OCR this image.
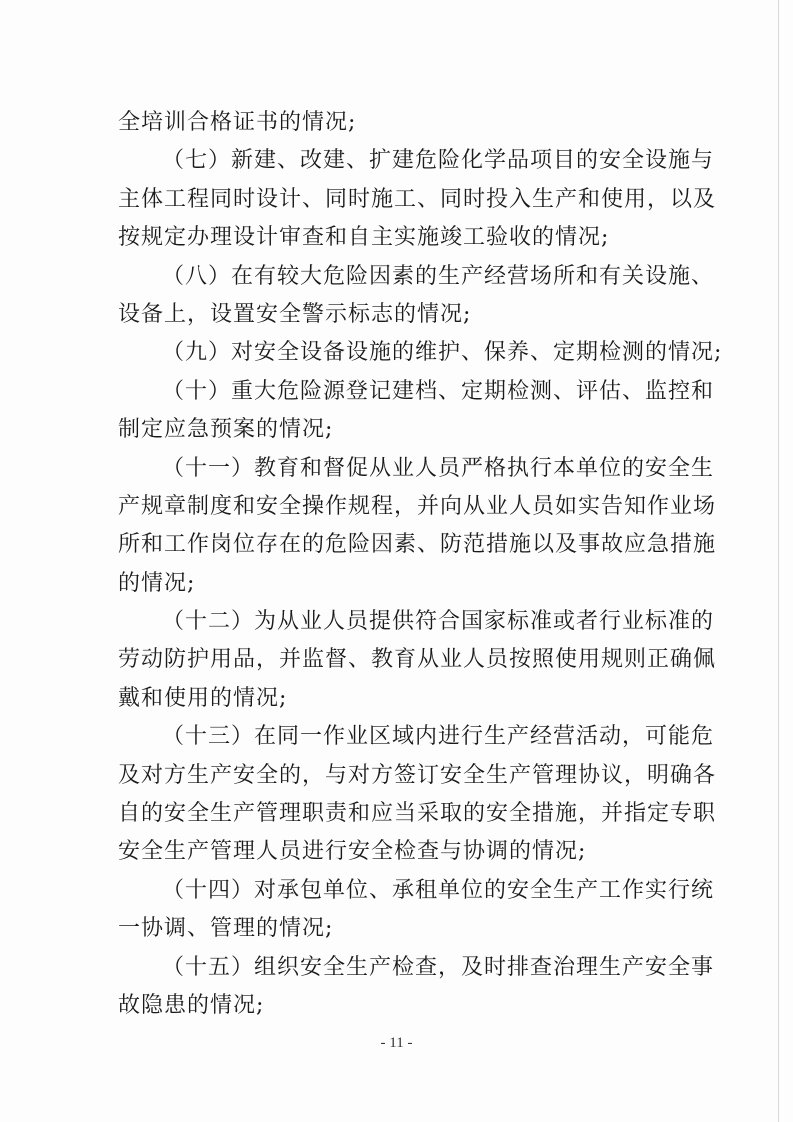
全培训合格证书的情况;
（七）新建、改建、扩建危险化学品项目的安全设施与
主体工程同时设计、同时施工、同时投入生产和使用，以及
按规定办理设计审查和自主实施竣工验收的情况;
（八）在有较大危险因素的生产经营场所和有关设施、
设备上，设置安全警示标志的情况;
（九）对安全设备设施的维护、保养、定期检测的情况;
（十）重大危险源登记建档、定期检测、评估、监控和
制定应急预案的情况;
（十一）教育和督促从业人员严格执行本单位的安全生
产规章制度和安全操作规程，并向从业人员如实告知作业场
所和工作岗位存在的危险因素、防范措施以及事故应急措施
的情况;
（十二）为从业人员提供符合国家标准或者行业标准的
劳动防护用品，并监督、教育从业人员按照使用规则正确佩
戴和使用的情况;
（十三）在同一作业区域内进行生产经营活动，可能危
及对方生产安全的，与对方签订安全生产管理协议，明确各
自的安全生产管理职责和应当采取的安全措施，并指定专职
安全生产管理人员进行安全检查与协调的情况;
（十四）对承包单位、承租单位的安全生产工作实行统
一协调、管理的情况;
（十五）组织安全生产检查，及时排查治理生产安全事
故隐患的情况;
- 11 -
